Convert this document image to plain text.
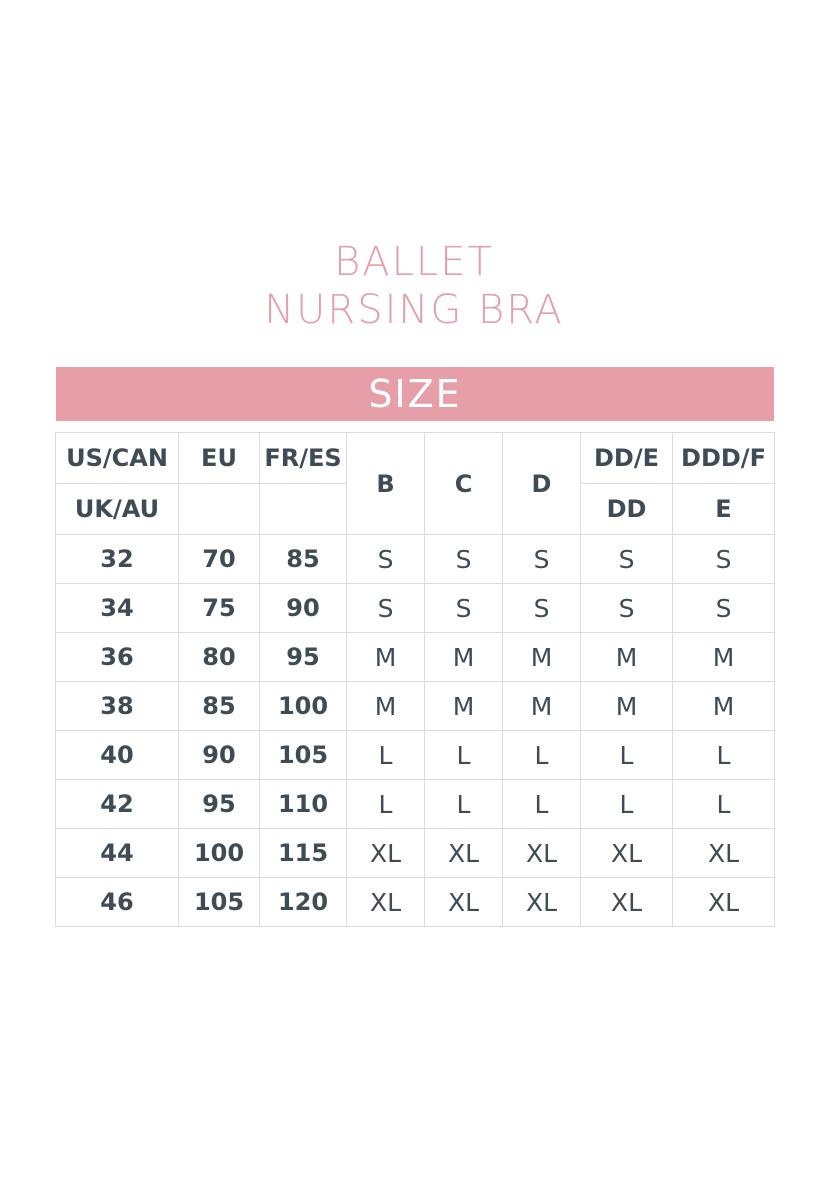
BALLET
NURSING BRA
SIZE
US/CAN	EU	FR/ES	B	C	D	DD/E	DDD/F
UK/AU						DD	E
32	70	85	S	S	S	S	S
34	75	90	S	S	S	S	S
36	80	95	M	M	M	M	M
38	85	100	M	M	M	M	M
40	90	105	L	L	L	L	L
42	95	110	L	L	L	L	L
44	100	115	XL	XL	XL	XL	XL
46	105	120	XL	XL	XL	XL	XL
